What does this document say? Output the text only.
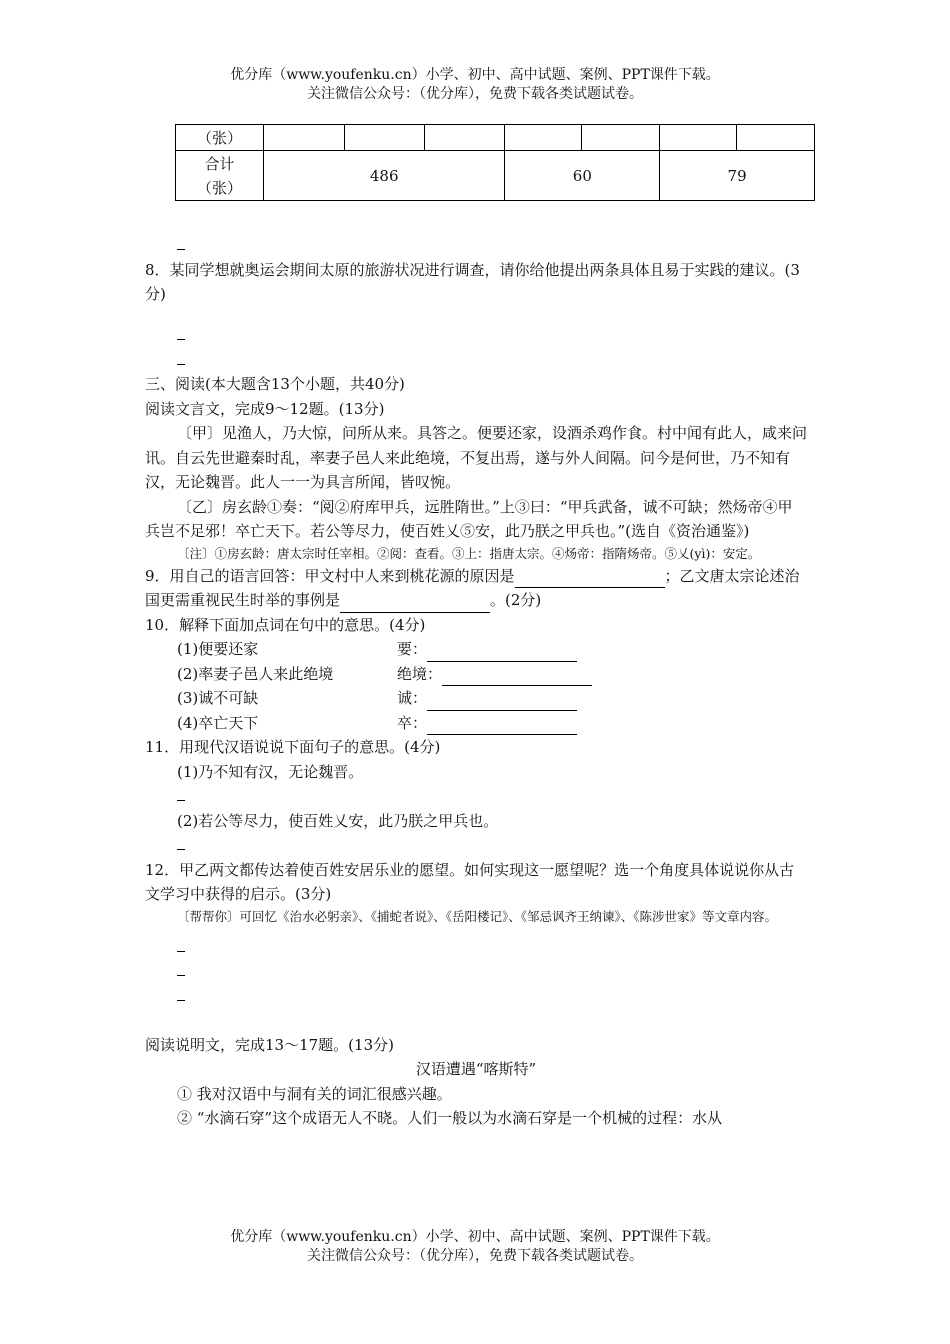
优分库（www.youfenku.cn）小学、初中、高中试题、案例、PPT课件下载。
关注微信公众号：（优分库），免费下载各类试题试卷。
（张）							

合计
（张）	486			60		79	

8．某同学想就奥运会期间太原的旅游状况进行调查，请你给他提出两条具体且易于实践的建议。(3分)

三、阅读(本大题含13个小题，共40分)

阅读文言文，完成9～12题。(13分)

〔甲〕见渔人，乃大惊，问所从来。具答之。便要还家，设酒杀鸡作食。村中闻有此人，咸来问讯。自云先世避秦时乱，率妻子邑人来此绝境，不复出焉，遂与外人间隔。问今是何世，乃不知有汉，无论魏晋。此人一一为具言所闻，皆叹惋。

〔乙〕房玄龄①奏：“阅②府库甲兵，远胜隋世。”上③曰：“甲兵武备，诚不可缺；然炀帝④甲兵岂不足邪！卒亡天下。若公等尽力，使百姓乂⑤安，此乃朕之甲兵也。”(选自《资治通鉴》)

〔注〕①房玄龄：唐太宗时任宰相。②阅：查看。③上：指唐太宗。④炀帝：指隋炀帝。⑤乂(yì)：安定。

9．用自己的语言回答：甲文村中人来到桃花源的原因是	；乙文唐太宗论述治国更需重视民生时举的事例是	。(2分)

10．解释下面加点词在句中的意思。(4分)

(1)便要还家	要：
(2)率妻子邑人来此绝境	绝境：
(3)诚不可缺	诚：
(4)卒亡天下	卒：

11．用现代汉语说说下面句子的意思。(4分)

(1)乃不知有汉，无论魏晋。

(2)若公等尽力，使百姓乂安，此乃朕之甲兵也。

12．甲乙两文都传达着使百姓安居乐业的愿望。如何实现这一愿望呢？选一个角度具体说说你从古文学习中获得的启示。(3分)

〔帮帮你〕可回忆《治水必躬亲》、《捕蛇者说》、《岳阳楼记》、《邹忌讽齐王纳谏》、《陈涉世家》等文章内容。

阅读说明文，完成13～17题。(13分)

汉语遭遇“喀斯特”

① 我对汉语中与洞有关的词汇很感兴趣。

② “水滴石穿”这个成语无人不晓。人们一般以为水滴石穿是一个机械的过程：水从

优分库（www.youfenku.cn）小学、初中、高中试题、案例、PPT课件下载。
关注微信公众号：（优分库），免费下载各类试题试卷。
